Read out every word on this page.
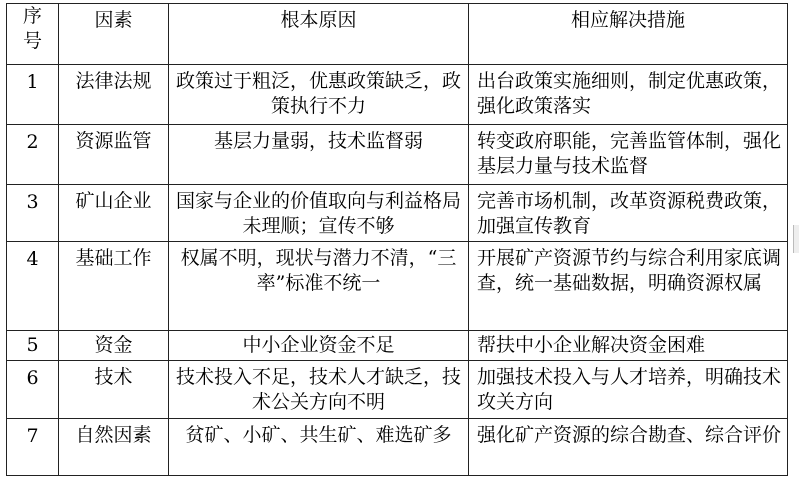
序号	因素	根本原因	相应解决措施
1	法律法规	政策过于粗泛，优惠政策缺乏，政策执行不力	出台政策实施细则，制定优惠政策，强化政策落实
2	资源监管	基层力量弱，技术监督弱	转变政府职能，完善监管体制，强化基层力量与技术监督
3	矿山企业	国家与企业的价值取向与利益格局未理顺；宣传不够	完善市场机制，改革资源税费政策，加强宣传教育
4	基础工作	权属不明，现状与潜力不清，“三率”标准不统一	开展矿产资源节约与综合利用家底调查，统一基础数据，明确资源权属
5	资金	中小企业资金不足	帮扶中小企业解决资金困难
6	技术	技术投入不足，技术人才缺乏，技术公关方向不明	加强技术投入与人才培养，明确技术攻关方向
7	自然因素	贫矿、小矿、共生矿、难选矿多	强化矿产资源的综合勘查、综合评价
